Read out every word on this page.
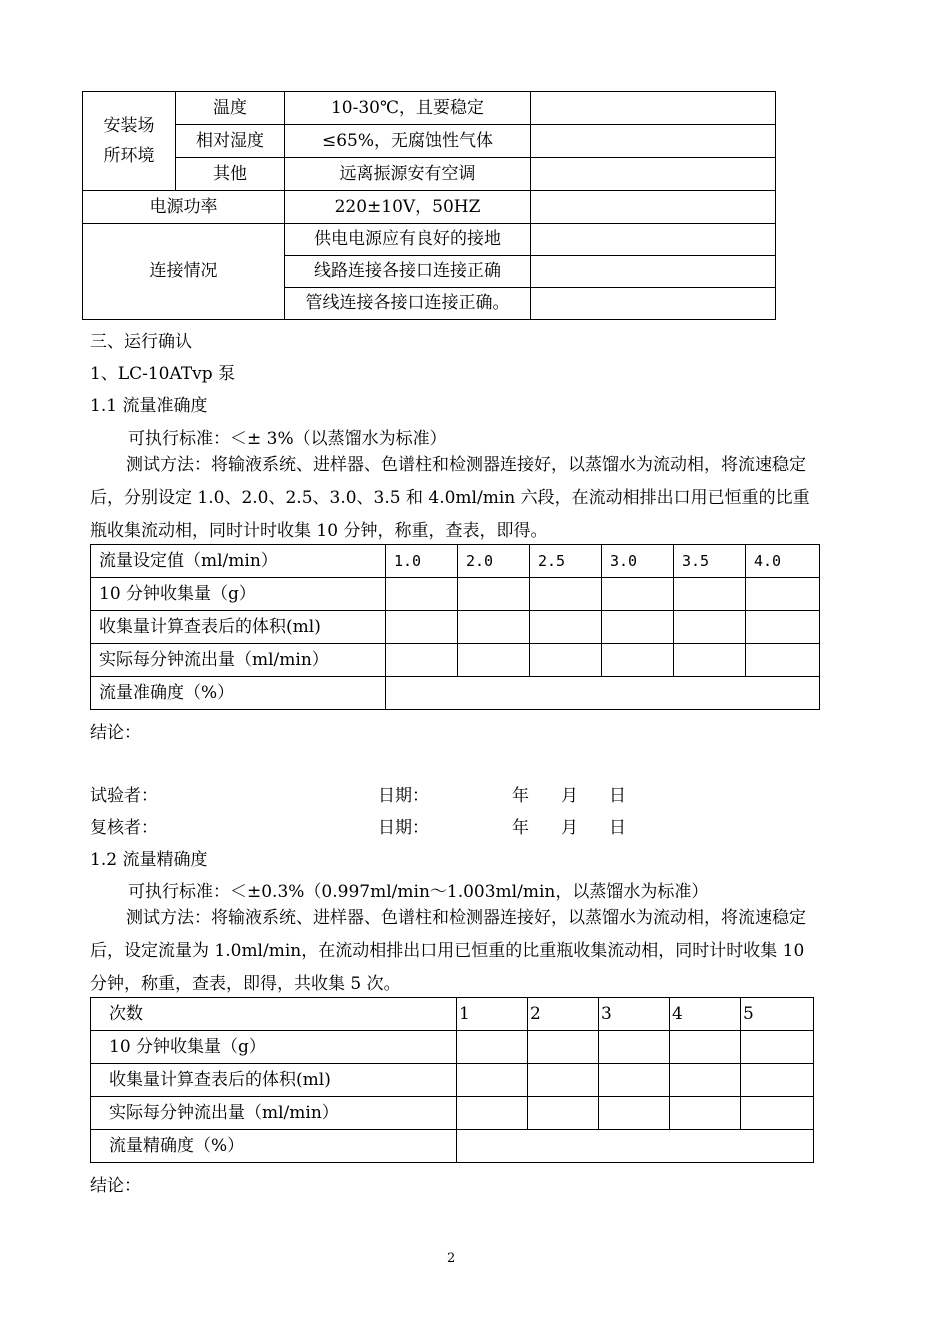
安装场
所环境	温度	10-30℃，且要稳定	
	相对湿度	≤65%，无腐蚀性气体	
	其他	远离振源安有空调	
电源功率		220±10V，50HZ	
连接情况		供电电源应有良好的接地	
		线路连接各接口连接正确	
		管线连接各接口连接正确。	
三、运行确认
1、LC-10ATvp 泵
1.1 流量准确度
可执行标准：＜± 3%（以蒸馏水为标准）
测试方法：将输液系统、进样器、色谱柱和检测器连接好，以蒸馏水为流动相，将流速稳定后，分别设定 1.0、2.0、2.5、3.0、3.5 和 4.0ml/min 六段，在流动相排出口用已恒重的比重瓶收集流动相，同时计时收集 10 分钟，称重，查表，即得。
流量设定值（ml/min）	1.0	2.0	2.5	3.0	3.5	4.0
10 分钟收集量（g）						
收集量计算查表后的体积(ml)						
实际每分钟流出量（ml/min）						
流量准确度（%）						
结论：
试验者：	日期：	年 月 日
复核者：	日期：	年 月 日
1.2 流量精确度
可执行标准：＜±0.3%（0.997ml/min～1.003ml/min，以蒸馏水为标准）
测试方法：将输液系统、进样器、色谱柱和检测器连接好，以蒸馏水为流动相，将流速稳定后，设定流量为 1.0ml/min，在流动相排出口用已恒重的比重瓶收集流动相，同时计时收集 10 分钟，称重，查表，即得，共收集 5 次。
次数	1	2	3	4	5
10 分钟收集量（g）					
收集量计算查表后的体积(ml)					
实际每分钟流出量（ml/min）					
流量精确度（%）					
结论：
2
